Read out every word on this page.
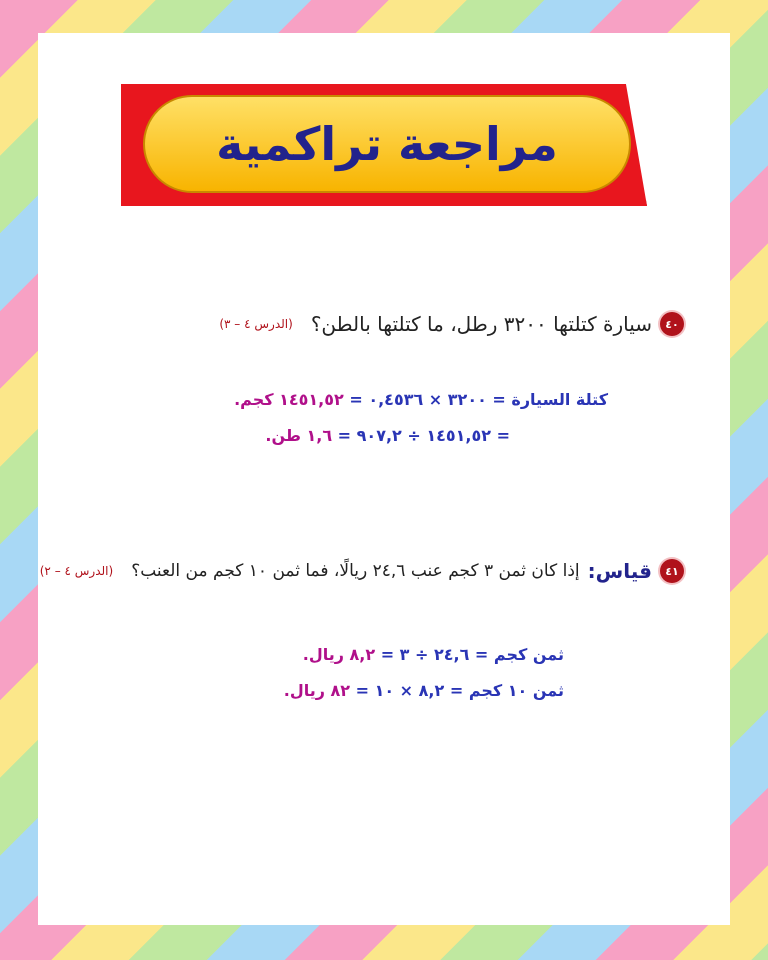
مراجعة تراكمية
٤٠
سيارة كتلتها ٣٢٠٠ رطل، ما كتلتها بالطن؟
(الدرس ٤ – ٣)
كتلة السيارة = ٣٢٠٠ × ٠,٤٥٣٦ = ١٤٥١,٥٢ كجم.
= ١٤٥١,٥٢ ÷ ٩٠٧,٢ = ١,٦ طن.
٤١
قياس:
إذا كان ثمن ٣ كجم عنب ٢٤,٦ ريالًا، فما ثمن ١٠ كجم من العنب؟
(الدرس ٤ – ٢)
ثمن كجم = ٢٤,٦ ÷ ٣ = ٨,٢ ريال.
ثمن ١٠ كجم = ٨,٢ × ١٠ = ٨٢ ريال.
